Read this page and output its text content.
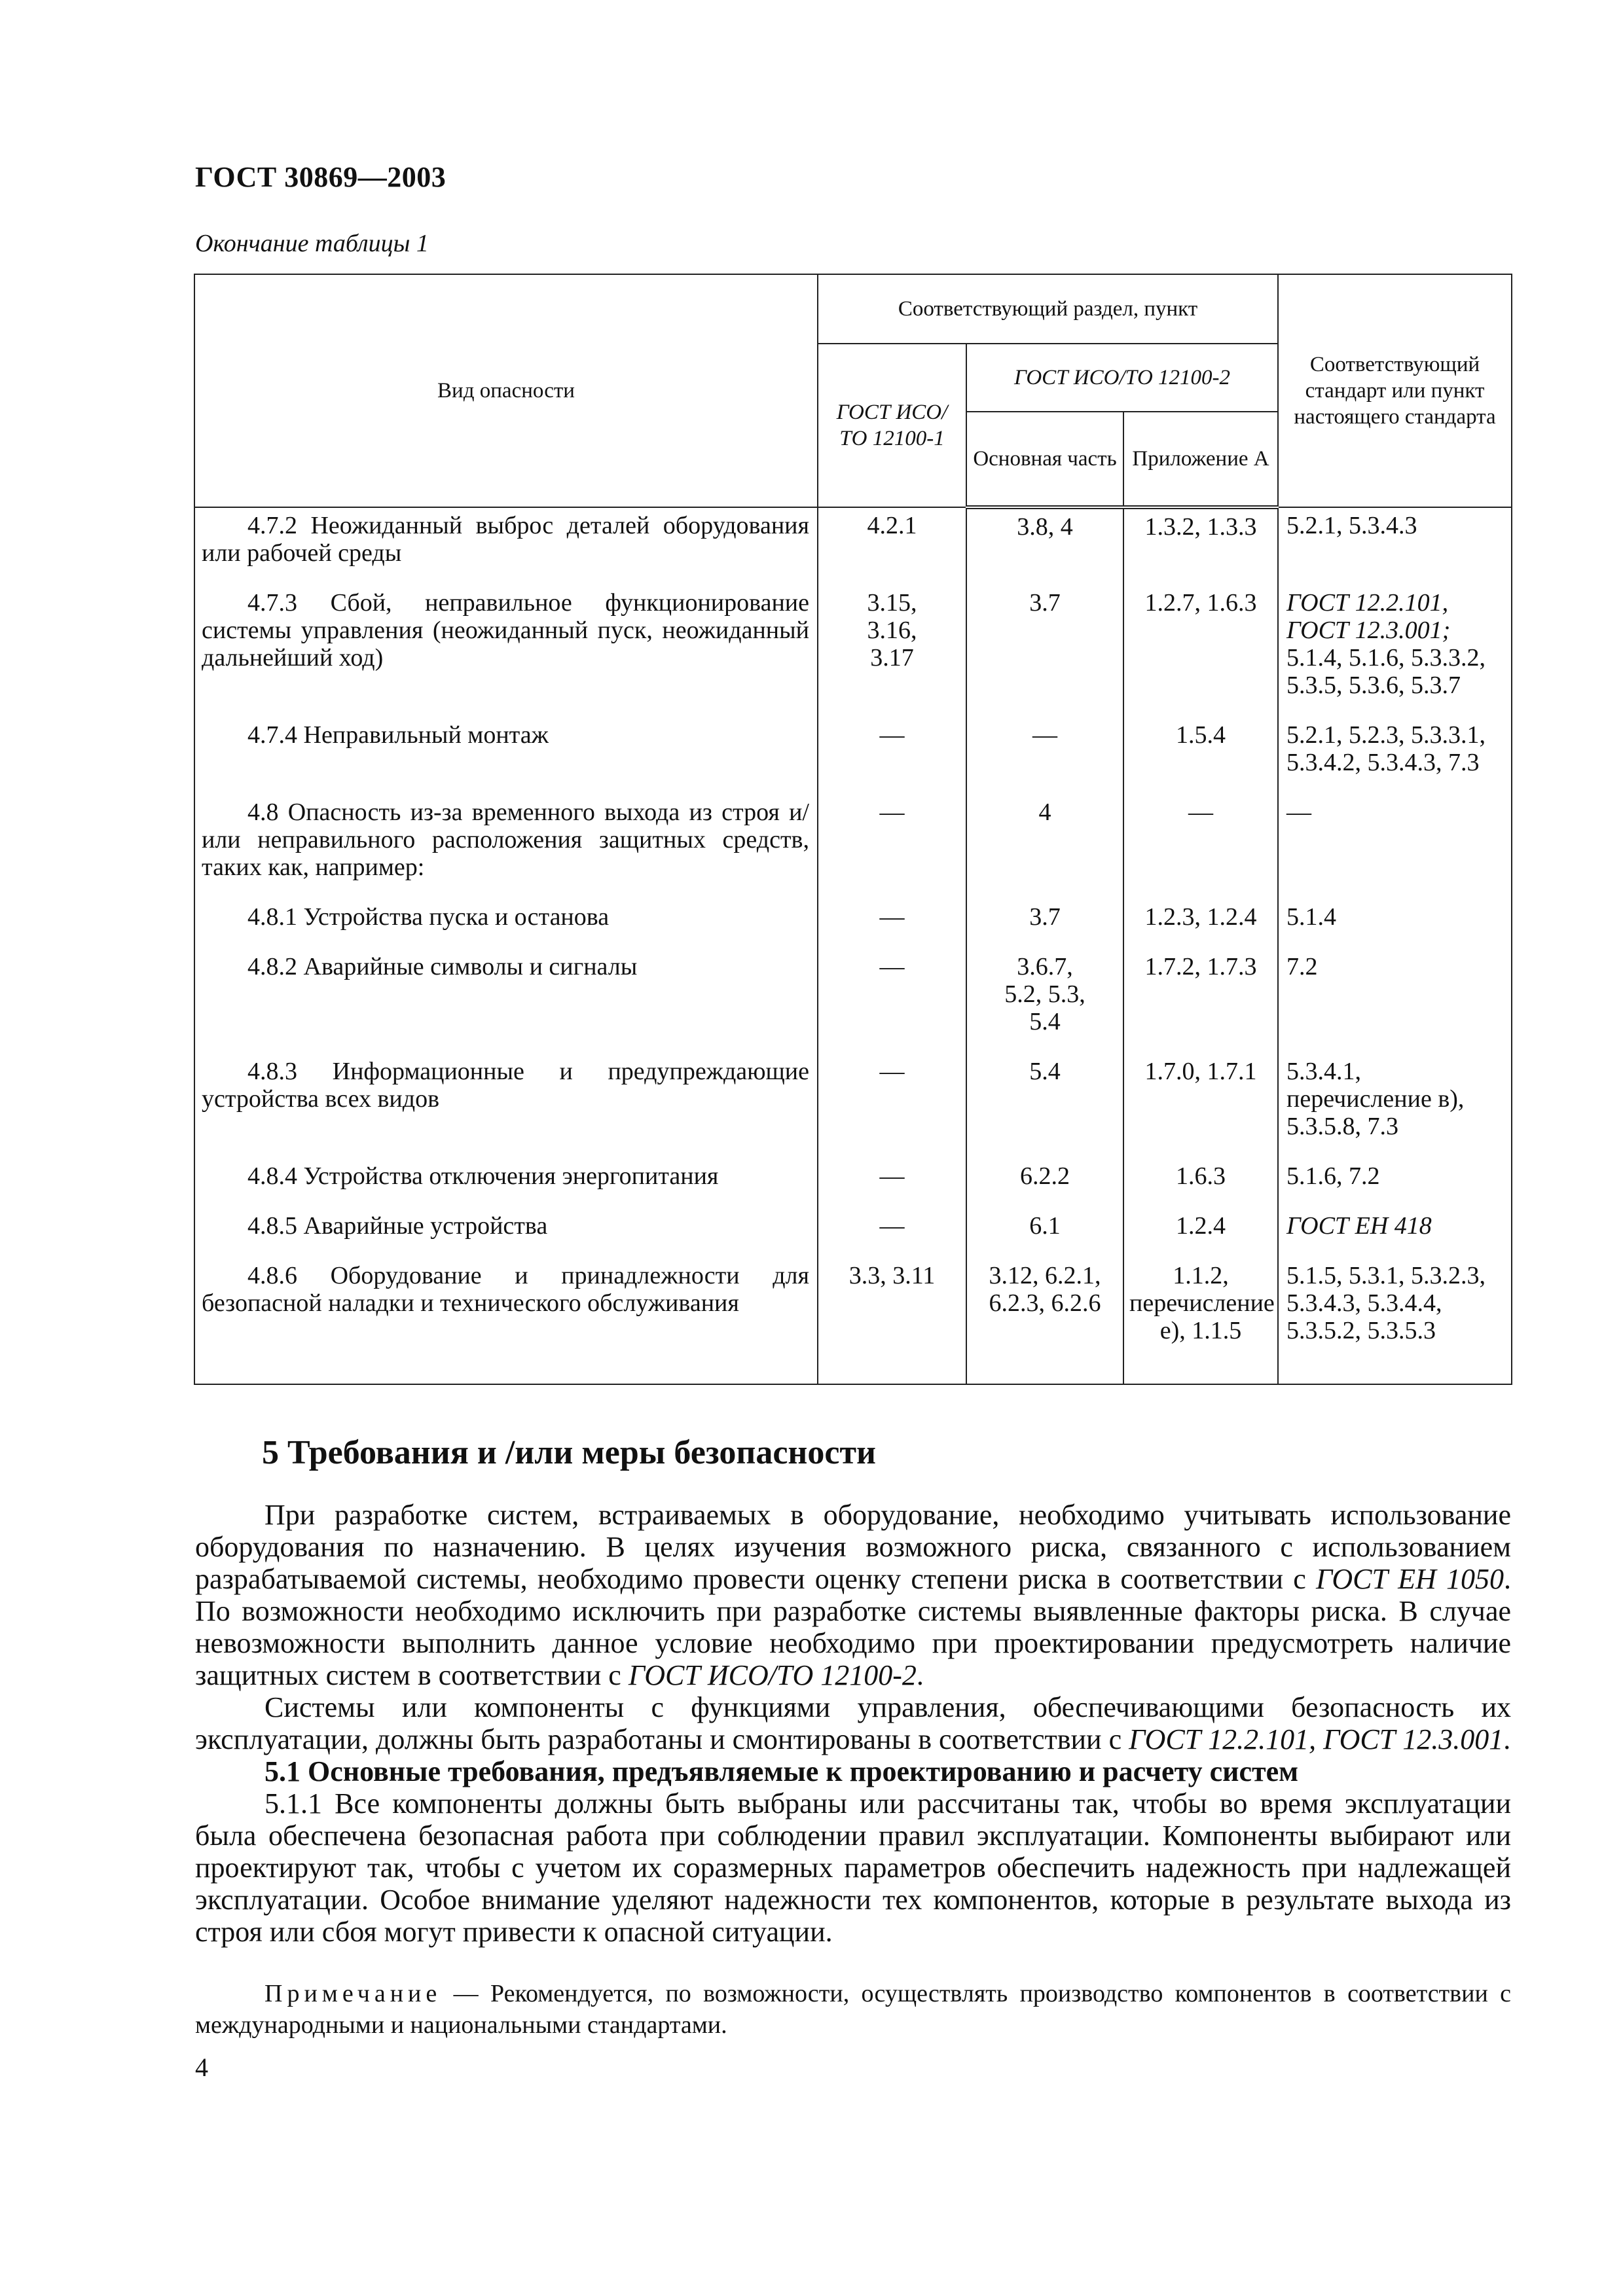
ГОСТ 30869—2003
Окончание таблицы 1
Вид опасности	Соответствующий раздел, пункт			Соответствующий стандарт или пункт настоящего стандарта
	ГОСТ ИСО/ТО 12100-1	ГОСТ ИСО/ТО 12100-2		
		Основная часть	Приложение А	
4.7.2 Неожиданный выброс деталей оборудования или рабочей среды	4.2.1	3.8, 4	1.3.2, 1.3.3	5.2.1, 5.3.4.3
4.7.3 Сбой, неправильное функционирование системы управления (неожиданный пуск, неожиданный дальнейший ход)	3.15, 3.16, 3.17	3.7	1.2.7, 1.6.3	ГОСТ 12.2.101, ГОСТ 12.3.001; 5.1.4, 5.1.6, 5.3.3.2, 5.3.5, 5.3.6, 5.3.7
4.7.4 Неправильный монтаж	—	—	1.5.4	5.2.1, 5.2.3, 5.3.3.1, 5.3.4.2, 5.3.4.3, 7.3
4.8 Опасность из-за временного выхода из строя и/или неправильного расположения защитных средств, таких как, например:	—	4	—	—
4.8.1 Устройства пуска и останова	—	3.7	1.2.3, 1.2.4	5.1.4
4.8.2 Аварийные символы и сигналы	—	3.6.7, 5.2, 5.3, 5.4	1.7.2, 1.7.3	7.2
4.8.3 Информационные и предупреждающие устройства всех видов	—	5.4	1.7.0, 1.7.1	5.3.4.1, перечисление в), 5.3.5.8, 7.3
4.8.4 Устройства отключения энергопитания	—	6.2.2	1.6.3	5.1.6, 7.2
4.8.5 Аварийные устройства	—	6.1	1.2.4	ГОСТ ЕН 418
4.8.6 Оборудование и принадлежности для безопасной наладки и технического обслуживания	3.3, 3.11	3.12, 6.2.1, 6.2.3, 6.2.6	1.1.2, перечисление е), 1.1.5	5.1.5, 5.3.1, 5.3.2.3, 5.3.4.3, 5.3.4.4, 5.3.5.2, 5.3.5.3
5 Требования и /или меры безопасности

При разработке систем, встраиваемых в оборудование, необходимо учитывать использование оборудования по назначению. В целях изучения возможного риска, связанного с использованием разрабатываемой системы, необходимо провести оценку степени риска в соответствии с ГОСТ ЕН 1050. По возможности необходимо исключить при разработке системы выявленные факторы риска. В случае невозможности выполнить данное условие необходимо при проектировании предусмотреть наличие защитных систем в соответствии с ГОСТ ИСО/ТО 12100-2.

Системы или компоненты с функциями управления, обеспечивающими безопасность их эксплуатации, должны быть разработаны и смонтированы в соответствии с ГОСТ 12.2.101, ГОСТ 12.3.001.

5.1 Основные требования, предъявляемые к проектированию и расчету систем

5.1.1 Все компоненты должны быть выбраны или рассчитаны так, чтобы во время эксплуатации была обеспечена безопасная работа при соблюдении правил эксплуатации. Компоненты выбирают или проектируют так, чтобы с учетом их соразмерных параметров обеспечить надежность при надлежащей эксплуатации. Особое внимание уделяют надежности тех компонентов, которые в результате выхода из строя или сбоя могут привести к опасной ситуации.

Примечание — Рекомендуется, по возможности, осуществлять производство компонентов в соответствии с международными и национальными стандартами.

4
